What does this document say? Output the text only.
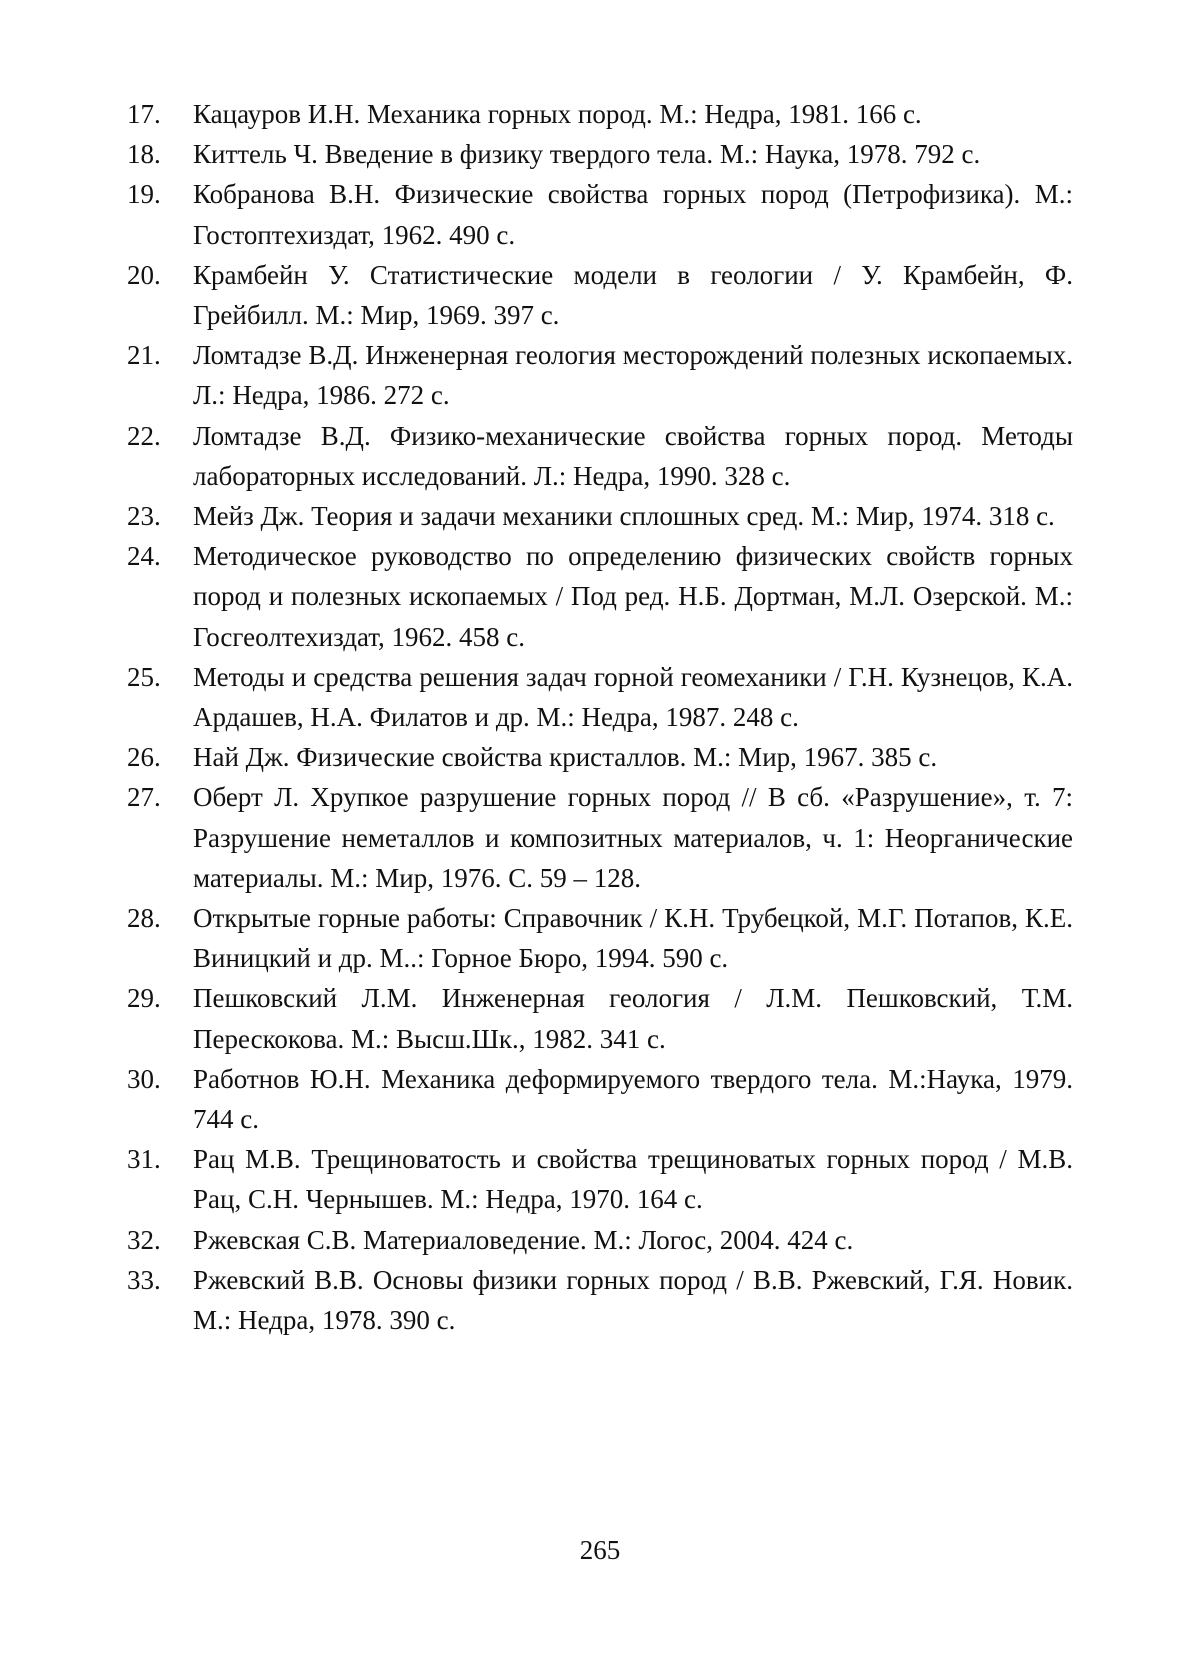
17.	Кацауров И.Н. Механика горных пород. М.: Недра, 1981. 166 с.
18.	Киттель Ч. Введение в физику твердого тела. М.: Наука, 1978. 792 с.
19.	Кобранова В.Н. Физические свойства горных пород (Петрофизика). М.: Гостоптехиздат, 1962. 490 с.
20.	Крамбейн У. Статистические модели в геологии / У. Крамбейн, Ф. Грейбилл. М.: Мир, 1969. 397 с.
21.	Ломтадзе В.Д. Инженерная геология месторождений полезных ископаемых. Л.: Недра, 1986. 272 с.
22.	Ломтадзе В.Д. Физико-механические свойства горных пород. Методы лабораторных исследований. Л.: Недра, 1990. 328 с.
23.	Мейз Дж. Теория и задачи механики сплошных сред. М.: Мир, 1974. 318 с.
24.	Методическое руководство по определению физических свойств горных пород и полезных ископаемых / Под ред. Н.Б. Дортман, М.Л. Озерской. М.: Госгеолтехиздат, 1962. 458 с.
25.	Методы и средства решения задач горной геомеханики / Г.Н. Кузнецов, К.А. Ардашев, Н.А. Филатов и др. М.: Недра, 1987. 248 с.
26.	Най Дж. Физические свойства кристаллов. М.: Мир, 1967. 385 с.
27.	Оберт Л. Хрупкое разрушение горных пород // В сб. «Разрушение», т. 7: Разрушение неметаллов и композитных материалов, ч. 1: Неорганические материалы. М.: Мир, 1976. С. 59 – 128.
28.	Открытые горные работы: Справочник / К.Н. Трубецкой, М.Г. Потапов, К.Е. Виницкий и др. М..: Горное Бюро, 1994. 590 с.
29.	Пешковский Л.М. Инженерная геология / Л.М. Пешковский, Т.М. Перескокова. М.: Высш.Шк., 1982. 341 с.
30.	Работнов Ю.Н. Механика деформируемого твердого тела. М.:Наука, 1979. 744 с.
31.	Рац М.В. Трещиноватость и свойства трещиноватых горных пород / М.В. Рац, С.Н. Чернышев. М.: Недра, 1970. 164 с.
32.	Ржевская С.В. Материаловедение. М.: Логос, 2004. 424 с.
33.	Ржевский В.В. Основы физики горных пород / В.В. Ржевский, Г.Я. Новик. М.: Недра, 1978. 390 с.
265
